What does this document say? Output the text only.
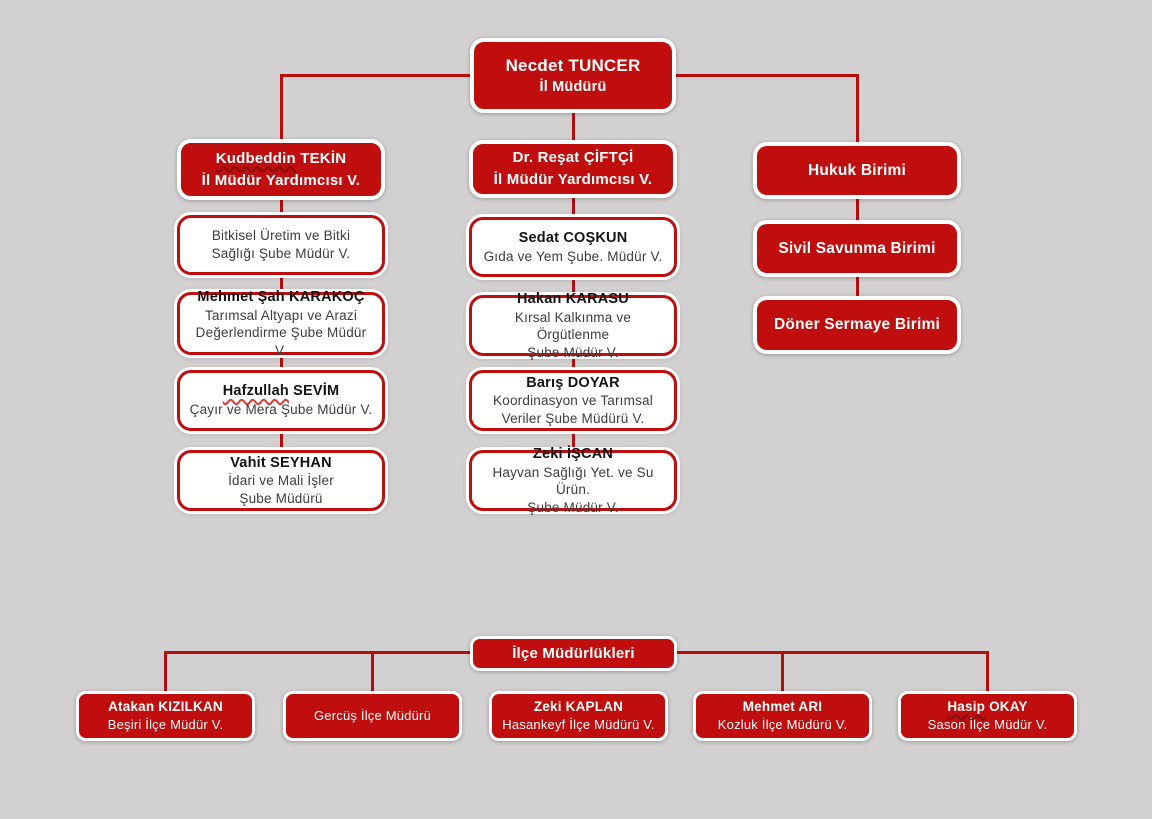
Necdet TUNCER
İl Müdürü
Kudbeddin TEKİN
İl Müdür Yardımcısı V.
Bitkisel Üretim ve Bitki
Sağlığı Şube Müdür V.
Mehmet Şah KARAKOÇ
Tarımsal Altyapı ve Arazi
Değerlendirme Şube Müdür V.
Hafzullah SEVİM
Çayır ve Mera Şube Müdür V.
Vahit SEYHAN
İdari ve Mali İşler
Şube Müdürü
Dr. Reşat ÇİFTÇİ
İl Müdür Yardımcısı V.
Sedat COŞKUN
Gıda ve Yem Şube. Müdür V.
Hakan KARASU
Kırsal Kalkınma ve Örgütlenme
Şube Müdür V.
Barış DOYAR
Koordinasyon ve Tarımsal
Veriler Şube Müdürü V.
Zeki İŞCAN
Hayvan Sağlığı Yet. ve Su Ürün.
Şube Müdür V.
Hukuk Birimi
Sivil Savunma Birimi
Döner Sermaye Birimi
İlçe Müdürlükleri
Atakan KIZILKAN
Beşiri İlçe Müdür V.
Gercüş İlçe Müdürü
Zeki KAPLAN
Hasankeyf İlçe Müdürü V.
Mehmet ARI
Kozluk İlçe Müdürü V.
Hasip OKAY
Sason İlçe Müdür V.
